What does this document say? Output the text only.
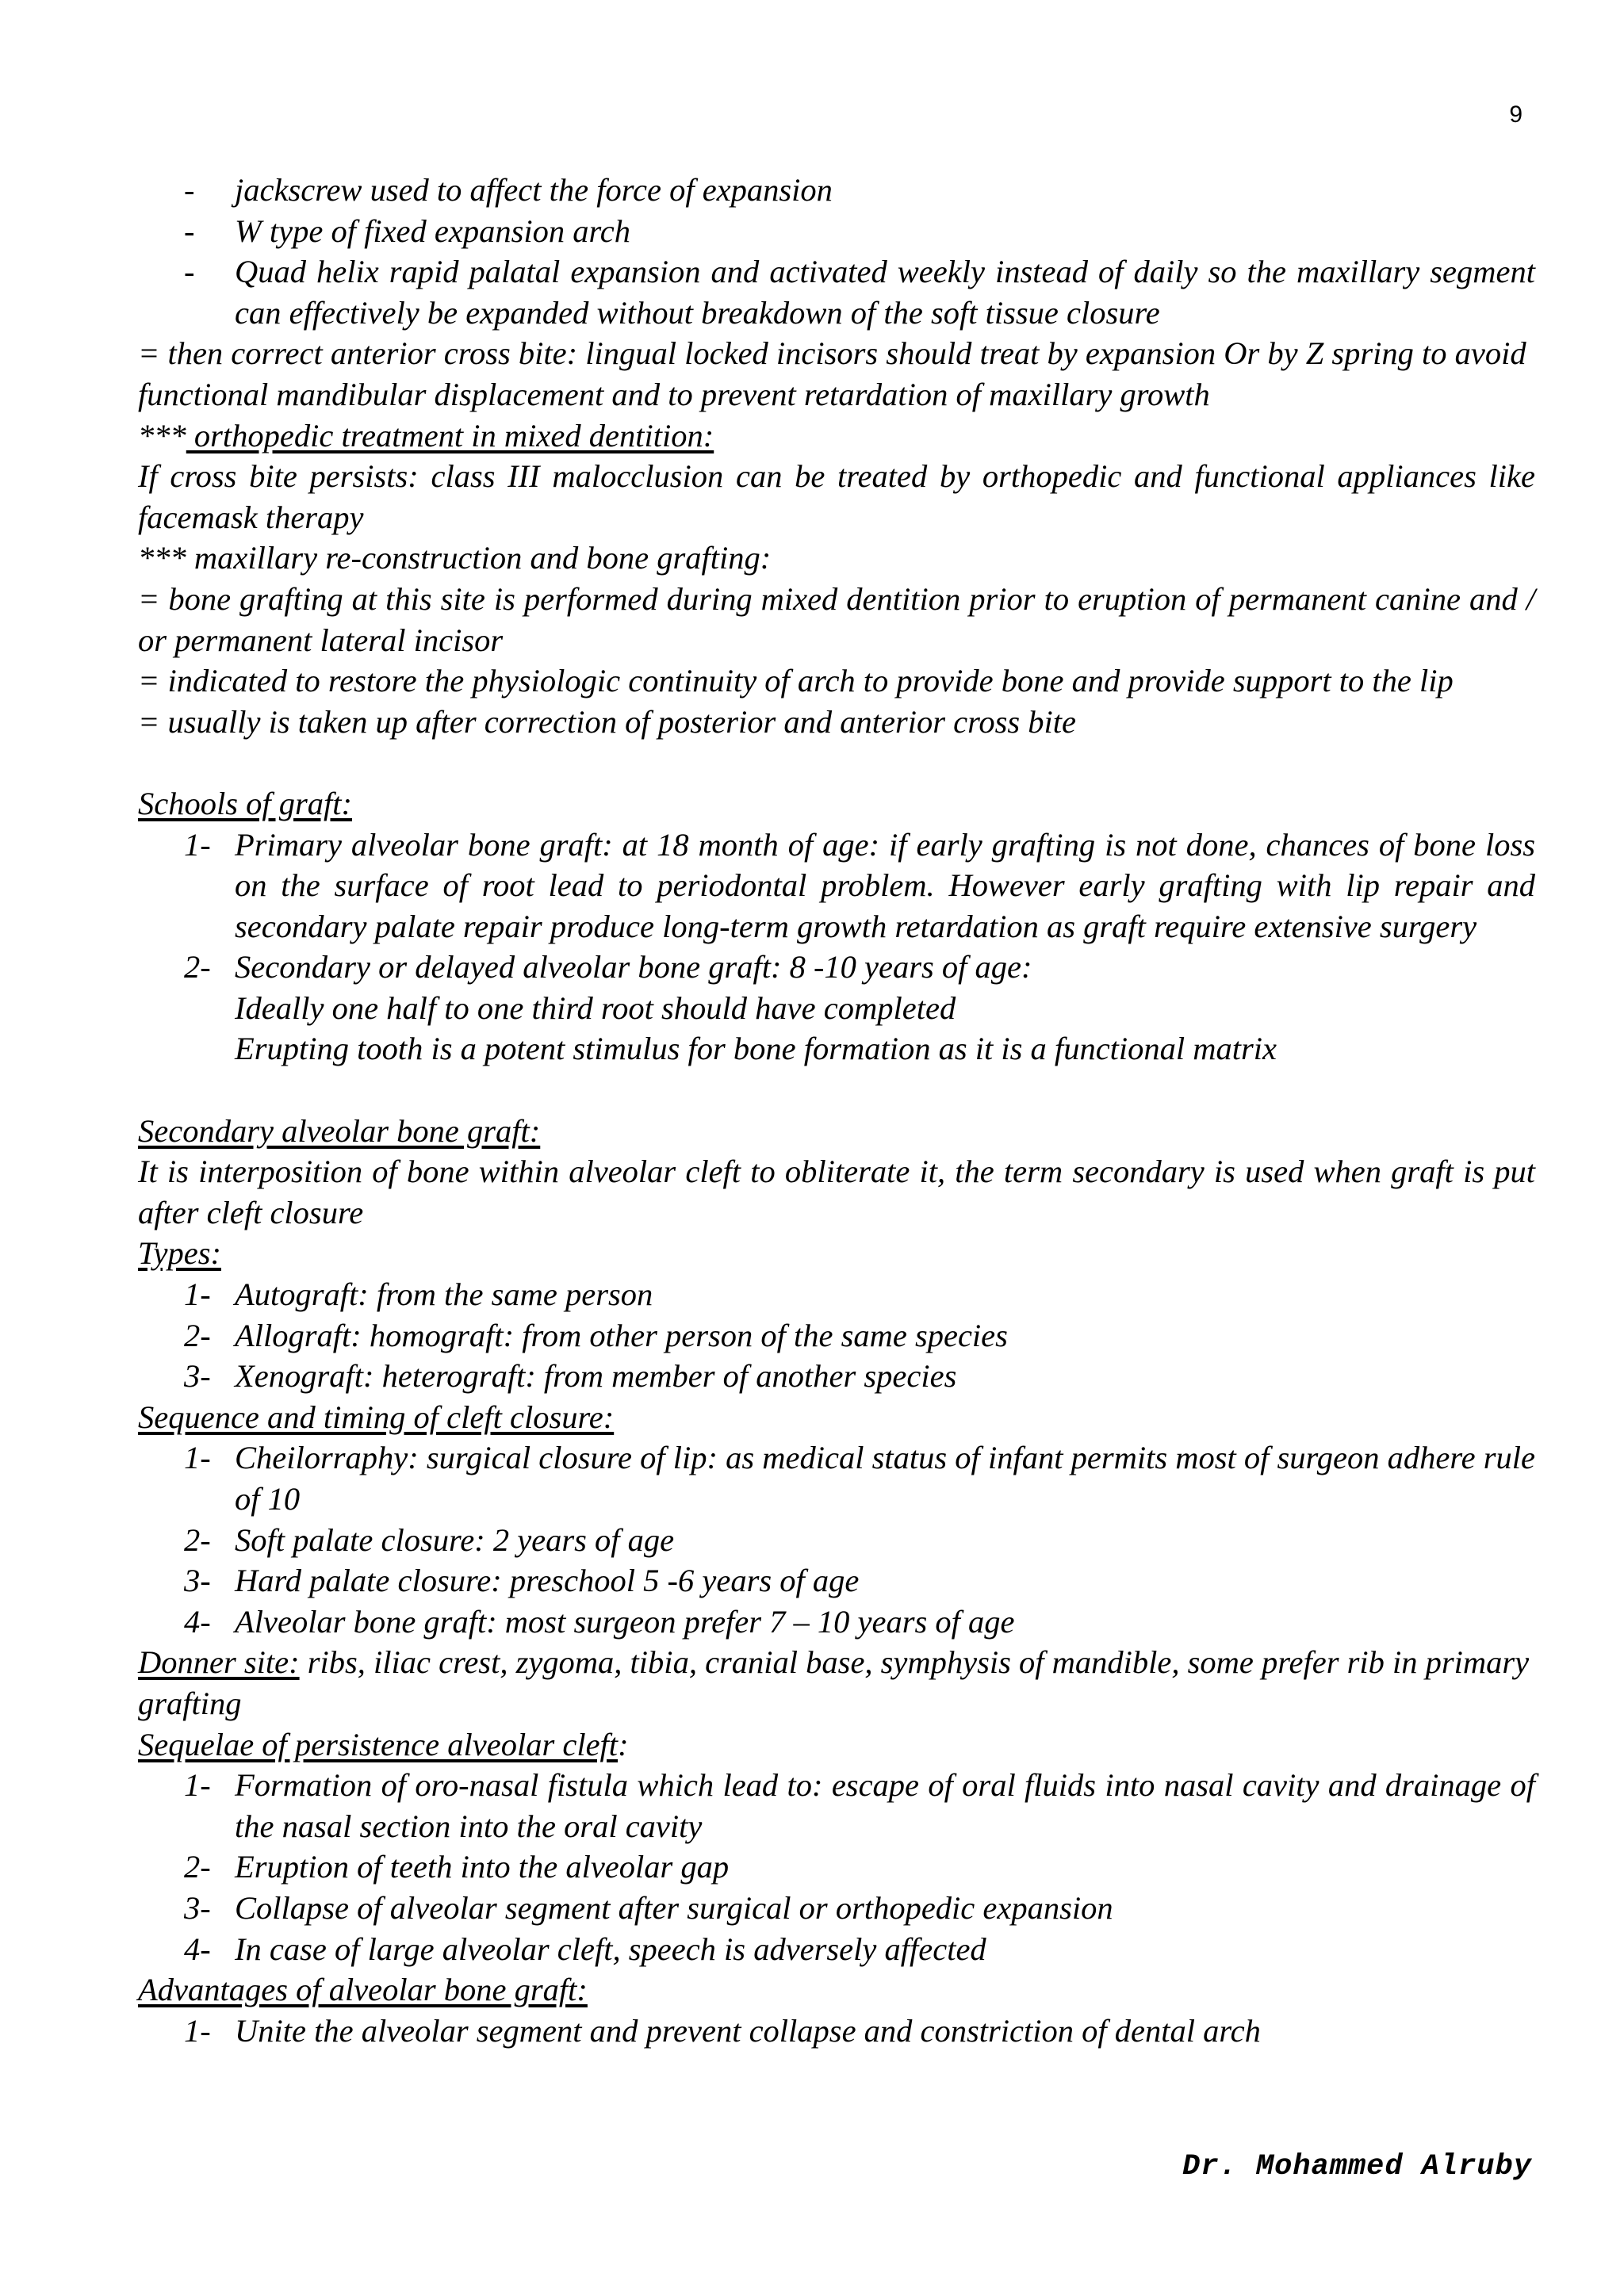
9
- jackscrew used to affect the force of expansion
- W type of fixed expansion arch
- Quad helix rapid palatal expansion and activated weekly instead of daily so the maxillary segment can effectively be expanded without breakdown of the soft tissue closure

= then correct anterior cross bite: lingual locked incisors should treat by expansion Or by Z spring to avoid functional mandibular displacement and to prevent retardation of maxillary growth

*** orthopedic treatment in mixed dentition:

If cross bite persists: class III malocclusion can be treated by orthopedic and functional appliances like facemask therapy

*** maxillary re-construction and bone grafting:

= bone grafting at this site is performed during mixed dentition prior to eruption of permanent canine and / or permanent lateral incisor

= indicated to restore the physiologic continuity of arch to provide bone and provide support to the lip

= usually is taken up after correction of posterior and anterior cross bite

Schools of graft:

1- Primary alveolar bone graft: at 18 month of age: if early grafting is not done, chances of bone loss on the surface of root lead to periodontal problem. However early grafting with lip repair and secondary palate repair produce long-term growth retardation as graft require extensive surgery
2- Secondary or delayed alveolar bone graft: 8 -10 years of age:

Ideally one half to one third root should have completed

Erupting tooth is a potent stimulus for bone formation as it is a functional matrix

Secondary alveolar bone graft:

It is interposition of bone within alveolar cleft to obliterate it, the term secondary is used when graft is put after cleft closure

Types:

1- Autograft: from the same person
2- Allograft: homograft: from other person of the same species
3- Xenograft: heterograft: from member of another species

Sequence and timing of cleft closure:

1- Cheilorraphy: surgical closure of lip: as medical status of infant permits most of surgeon adhere rule of 10
2- Soft palate closure: 2 years of age
3- Hard palate closure: preschool 5 -6 years of age
4- Alveolar bone graft: most surgeon prefer 7 – 10 years of age

Donner site: ribs, iliac crest, zygoma, tibia, cranial base, symphysis of mandible, some prefer rib in primary grafting

Sequelae of persistence alveolar cleft:

1- Formation of oro-nasal fistula which lead to: escape of oral fluids into nasal cavity and drainage of the nasal section into the oral cavity
2- Eruption of teeth into the alveolar gap
3- Collapse of alveolar segment after surgical or orthopedic expansion
4- In case of large alveolar cleft, speech is adversely affected

Advantages of alveolar bone graft:

1- Unite the alveolar segment and prevent collapse and constriction of dental arch
Dr. Mohammed Alruby
